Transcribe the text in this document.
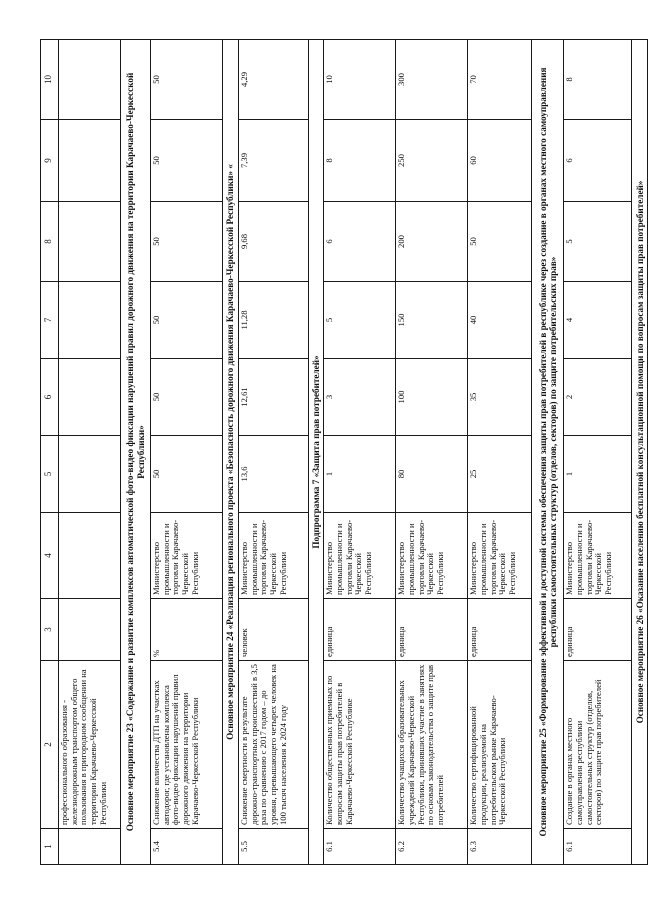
1	2	3	4	5	6	7	8	9	10
	профессионального образования - железнодорожным транспортом общего пользования в пригородном сообщении на территории Карачаево-Черкесской Республики								
Основное мероприятие 23 «Содержание и развитие комплексов автоматической фото-видео фиксации нарушений правил дорожного движения на территории Карачаево-Черкесской Республики»									
5.4	Снижение количества ДТП на участках автодорог, где установлены комплекса фото-видео фиксации нарушений правил дорожного движения на территории Карачаево-Черкесской Республики	%	Министерство промышленности и торговли Карачаево-Черкесской Республики	50	50	50	50	50	50
Основное мероприятие 24 «Реализация регионального проекта «Безопасность дорожного движения Карачаево-Черкесской Республики» «									
5.5	Снижение смертности в результате дорожно-транспортных происшествий в 3,5 раза по сравнению с 2017 годом – до уровня, превышающего четырех человек на 100 тысяч населения к 2024 году	человек	Министерство промышленности и торговли Карачаево-Черкесской Республики	13,6	12,61	11,28	9,68	7,39	4,29
Подпрограмма 7 «Защита прав потребителей»									
6.1	Количество общественных приемных по вопросам защиты прав потребителей в Карачаево-Черкесской Республике	единица	Министерство промышленности и торговли Карачаево-Черкесской Республики	1	3	5	6	8	10
6.2	Количество учащихся образовательных учреждений Карачаево-Черкесской Республики, принявших участие в занятиях по основам законодательства о защите прав потребителей	единица	Министерство промышленности и торговли Карачаево-Черкесской Республики	80	100	150	200	250	300
6.3	Количество сертифицированной продукции, реализуемой на потребительском рынке Карачаево-Черкесской Республики	единица	Министерство промышленности и торговли Карачаево-Черкесской Республики	25	35	40	50	60	70
Основное мероприятие 25 «Формирование эффективной и доступной системы обеспечения защиты прав потребителей в республике через создание в органах местного самоуправления республики самостоятельных структур (отделов, секторов) по защите потребительских прав»									
6.1	Создание в органах местного самоуправления республики самостоятельных структур (отделов, секторов) по защите прав потребителей	единица	Министерство промышленности и торговли Карачаево-Черкесской Республики	1	2	4	5	6	8
Основное мероприятие 26 «Оказание населению бесплатной консультационной помощи по вопросам защиты прав потребителей»									
